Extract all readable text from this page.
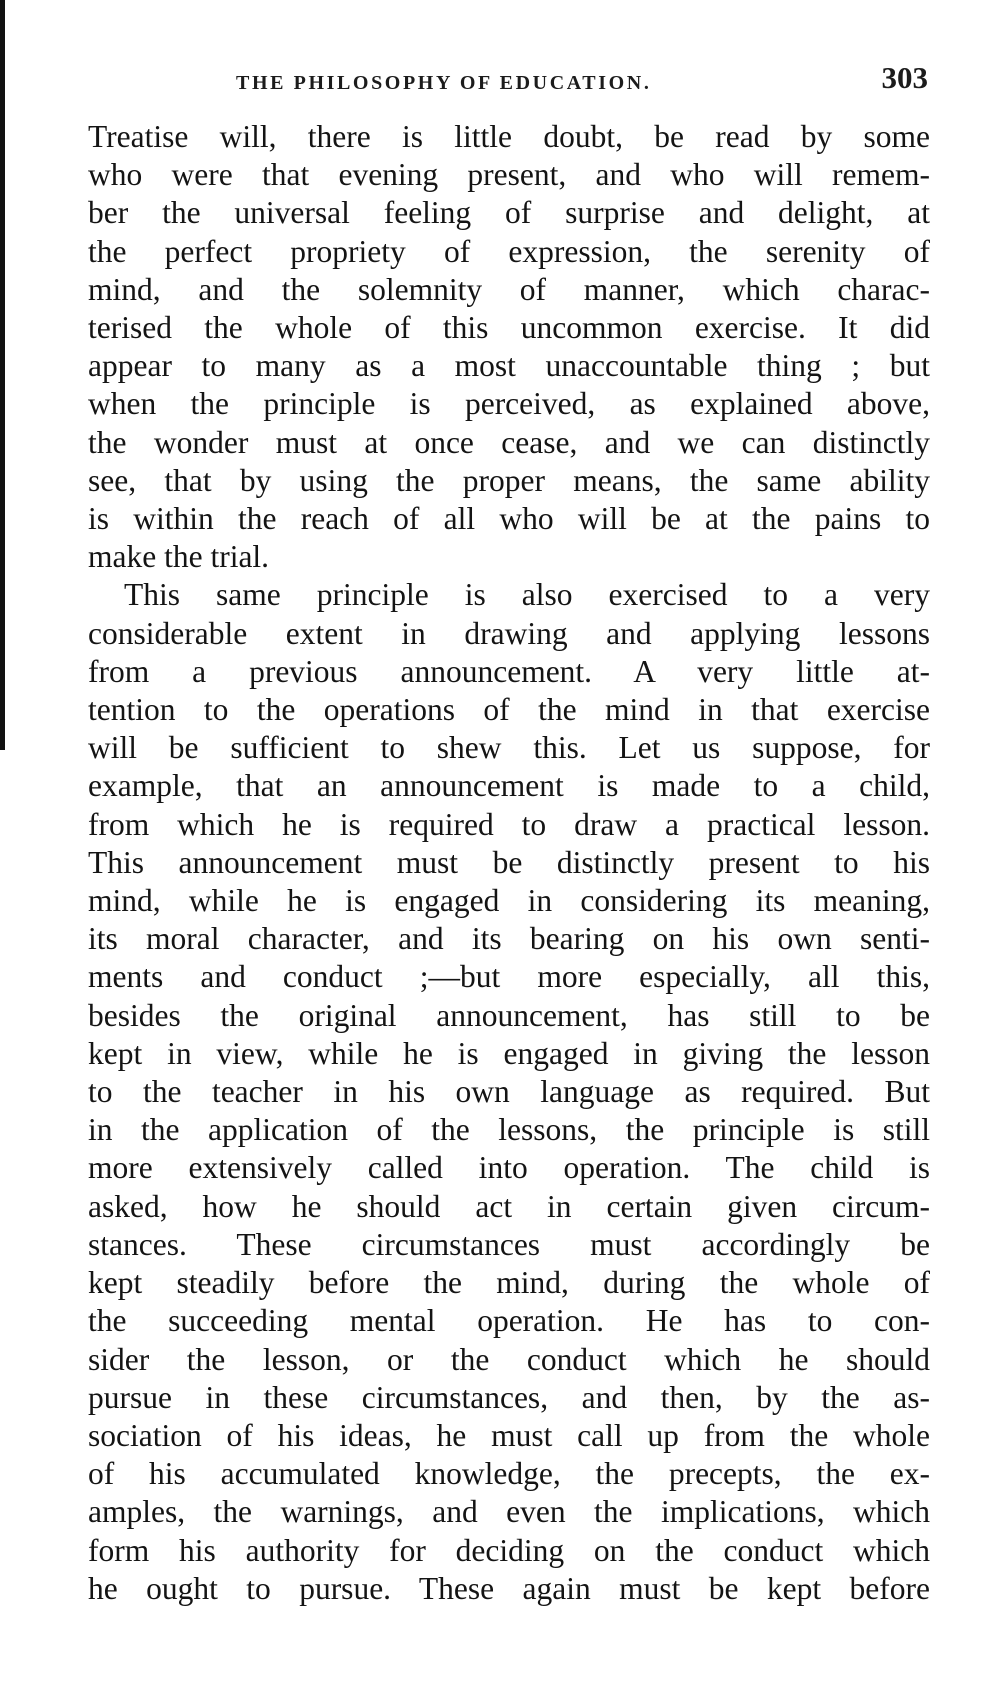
THE PHILOSOPHY OF EDUCATION.	303
Treatise will, there is little doubt, be read by some
who were that evening present, and who will remem-
ber the universal feeling of surprise and delight, at
the perfect propriety of expression, the serenity of
mind, and the solemnity of manner, which charac-
terised the whole of this uncommon exercise. It did
appear to many as a most unaccountable thing ; but
when the principle is perceived, as explained above,
the wonder must at once cease, and we can distinctly
see, that by using the proper means, the same ability
is within the reach of all who will be at the pains to
make the trial.
This same principle is also exercised to a very
considerable extent in drawing and applying lessons
from a previous announcement. A very little at-
tention to the operations of the mind in that exercise
will be sufficient to shew this. Let us suppose, for
example, that an announcement is made to a child,
from which he is required to draw a practical lesson.
This announcement must be distinctly present to his
mind, while he is engaged in considering its meaning,
its moral character, and its bearing on his own senti-
ments and conduct ;—but more especially, all this,
besides the original announcement, has still to be
kept in view, while he is engaged in giving the lesson
to the teacher in his own language as required. But
in the application of the lessons, the principle is still
more extensively called into operation. The child is
asked, how he should act in certain given circum-
stances. These circumstances must accordingly be
kept steadily before the mind, during the whole of
the succeeding mental operation. He has to con-
sider the lesson, or the conduct which he should
pursue in these circumstances, and then, by the as-
sociation of his ideas, he must call up from the whole
of his accumulated knowledge, the precepts, the ex-
amples, the warnings, and even the implications, which
form his authority for deciding on the conduct which
he ought to pursue. These again must be kept before
